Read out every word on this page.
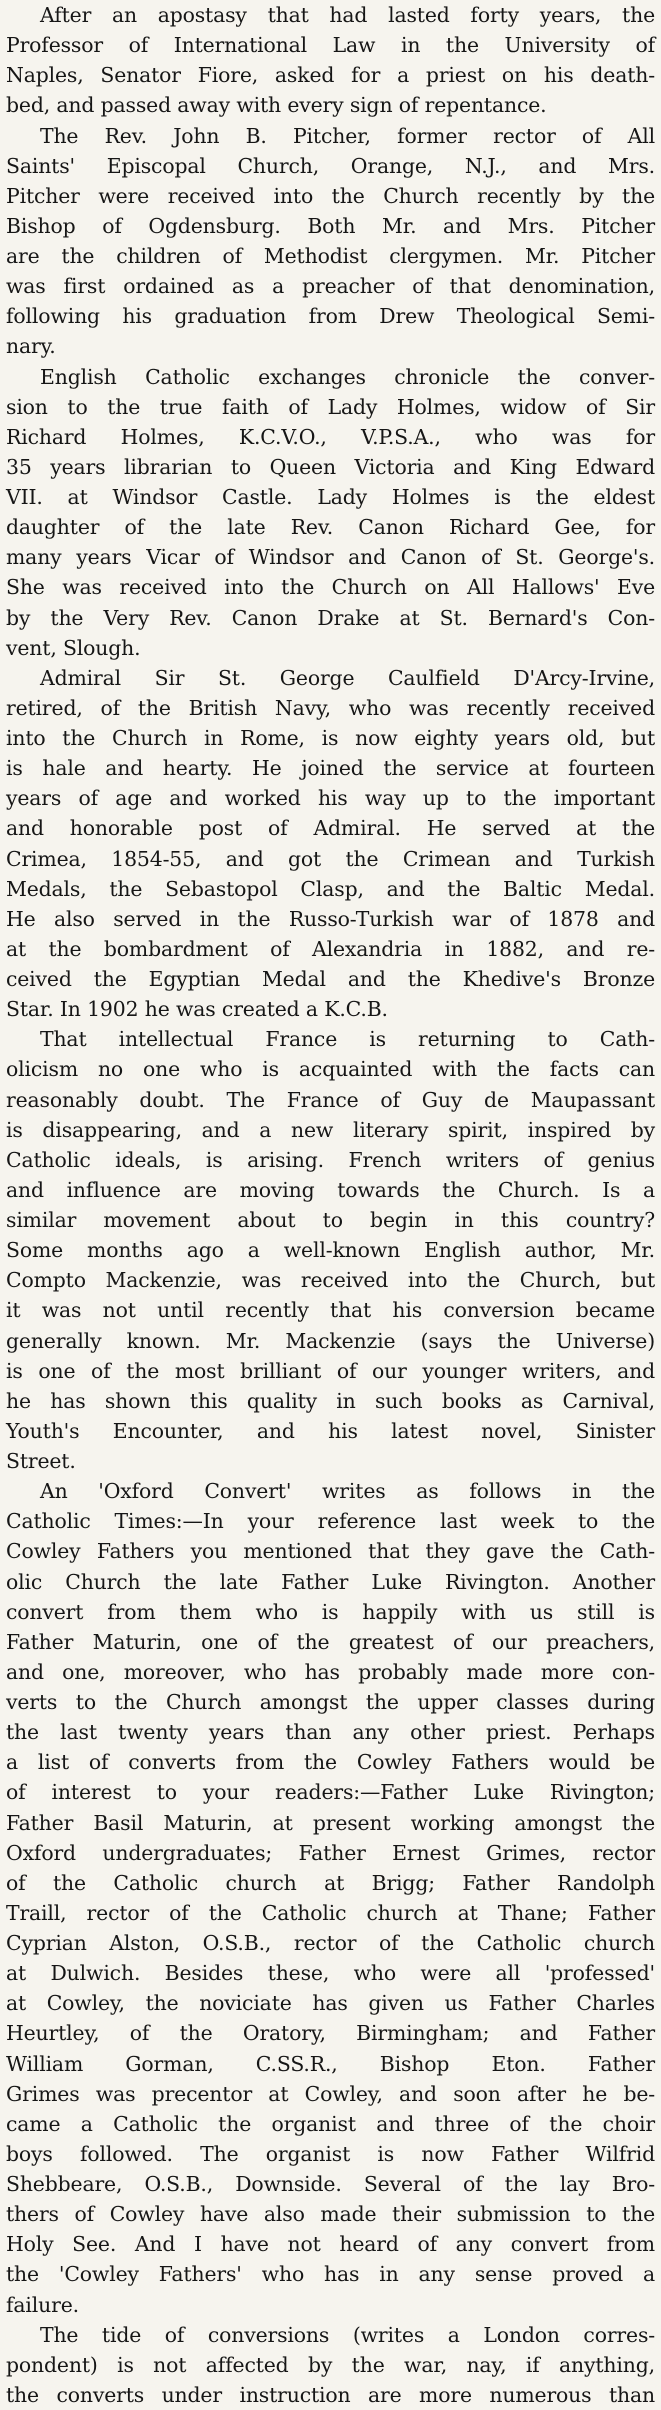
After an apostasy that had lasted forty years, the
Professor of International Law in the University of
Naples, Senator Fiore, asked for a priest on his death-
bed, and passed away with every sign of repentance.
The Rev. John B. Pitcher, former rector of All
Saints' Episcopal Church, Orange, N.J., and Mrs.
Pitcher were received into the Church recently by the
Bishop of Ogdensburg. Both Mr. and Mrs. Pitcher
are the children of Methodist clergymen. Mr. Pitcher
was first ordained as a preacher of that denomination,
following his graduation from Drew Theological Semi-
nary.
English Catholic exchanges chronicle the conver-
sion to the true faith of Lady Holmes, widow of Sir
Richard Holmes, K.C.V.O., V.P.S.A., who was for
35 years librarian to Queen Victoria and King Edward
VII. at Windsor Castle. Lady Holmes is the eldest
daughter of the late Rev. Canon Richard Gee, for
many years Vicar of Windsor and Canon of St. George's.
She was received into the Church on All Hallows' Eve
by the Very Rev. Canon Drake at St. Bernard's Con-
vent, Slough.
Admiral Sir St. George Caulfield D'Arcy-Irvine,
retired, of the British Navy, who was recently received
into the Church in Rome, is now eighty years old, but
is hale and hearty. He joined the service at fourteen
years of age and worked his way up to the important
and honorable post of Admiral. He served at the
Crimea, 1854-55, and got the Crimean and Turkish
Medals, the Sebastopol Clasp, and the Baltic Medal.
He also served in the Russo-Turkish war of 1878 and
at the bombardment of Alexandria in 1882, and re-
ceived the Egyptian Medal and the Khedive's Bronze
Star. In 1902 he was created a K.C.B.
That intellectual France is returning to Cath-
olicism no one who is acquainted with the facts can
reasonably doubt. The France of Guy de Maupassant
is disappearing, and a new literary spirit, inspired by
Catholic ideals, is arising. French writers of genius
and influence are moving towards the Church. Is a
similar movement about to begin in this country?
Some months ago a well-known English author, Mr.
Compto Mackenzie, was received into the Church, but
it was not until recently that his conversion became
generally known. Mr. Mackenzie (says the Universe)
is one of the most brilliant of our younger writers, and
he has shown this quality in such books as Carnival,
Youth's Encounter, and his latest novel, Sinister
Street.
An 'Oxford Convert' writes as follows in the
Catholic Times:—In your reference last week to the
Cowley Fathers you mentioned that they gave the Cath-
olic Church the late Father Luke Rivington. Another
convert from them who is happily with us still is
Father Maturin, one of the greatest of our preachers,
and one, moreover, who has probably made more con-
verts to the Church amongst the upper classes during
the last twenty years than any other priest. Perhaps
a list of converts from the Cowley Fathers would be
of interest to your readers:—Father Luke Rivington;
Father Basil Maturin, at present working amongst the
Oxford undergraduates; Father Ernest Grimes, rector
of the Catholic church at Brigg; Father Randolph
Traill, rector of the Catholic church at Thane; Father
Cyprian Alston, O.S.B., rector of the Catholic church
at Dulwich. Besides these, who were all 'professed'
at Cowley, the noviciate has given us Father Charles
Heurtley, of the Oratory, Birmingham; and Father
William Gorman, C.SS.R., Bishop Eton. Father
Grimes was precentor at Cowley, and soon after he be-
came a Catholic the organist and three of the choir
boys followed. The organist is now Father Wilfrid
Shebbeare, O.S.B., Downside. Several of the lay Bro-
thers of Cowley have also made their submission to the
Holy See. And I have not heard of any convert from
the 'Cowley Fathers' who has in any sense proved a
failure.
The tide of conversions (writes a London corres-
pondent) is not affected by the war, nay, if anything,
the converts under instruction are more numerous than
